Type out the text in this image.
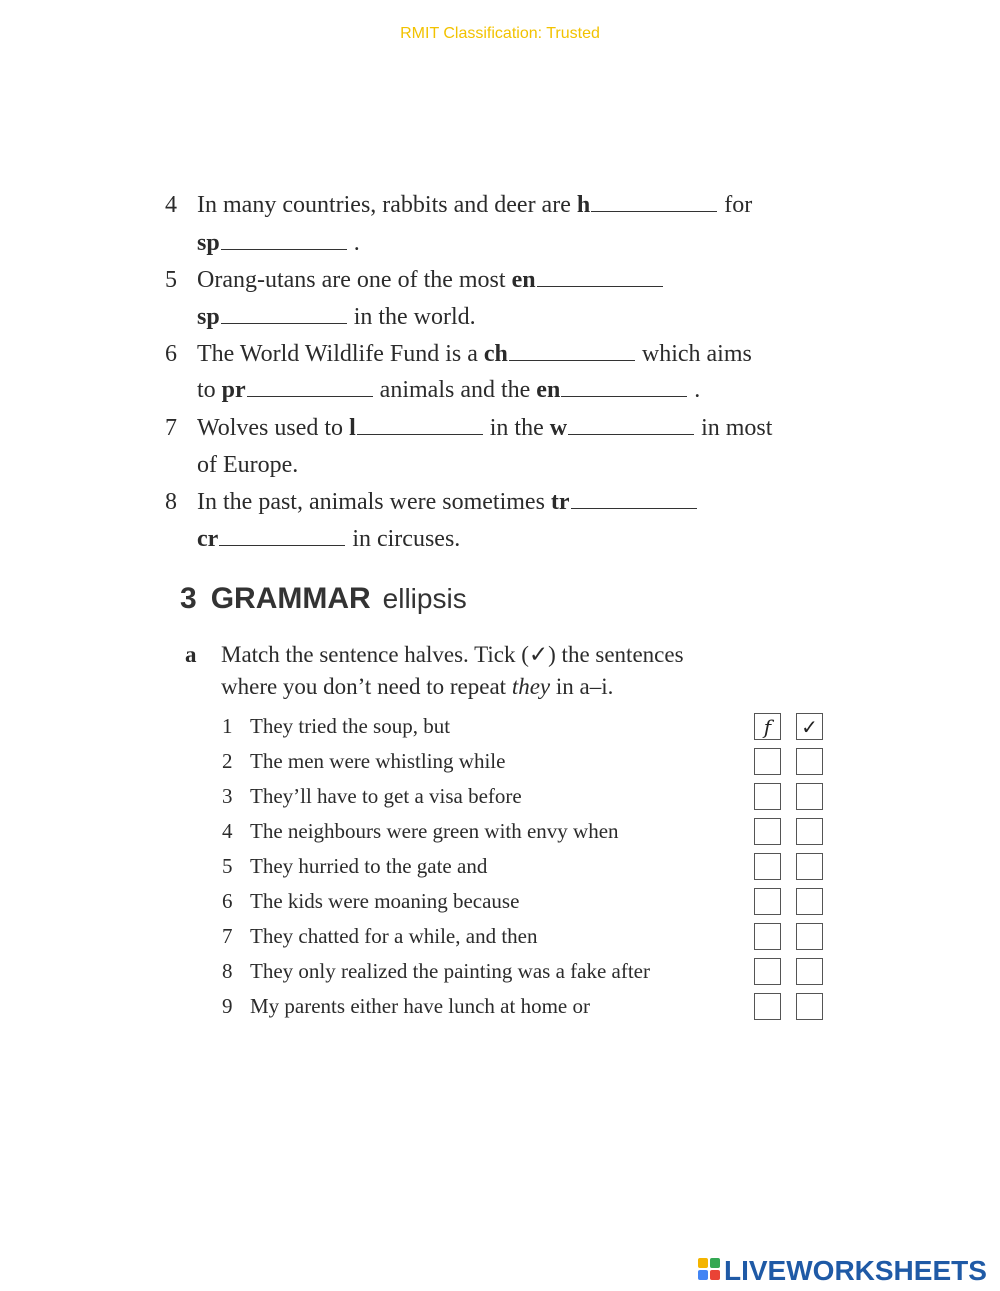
RMIT Classification: Trusted
4 In many countries, rabbits and deer are h	for
sp	.
5 Orang-utans are one of the most en
sp	in the world.
6 The World Wildlife Fund is a ch	which aims
to pr	animals and the en	.
7 Wolves used to l	in the w	in most
of Europe.
8 In the past, animals were sometimes tr
cr	in circuses.
3 GRAMMAR ellipsis
a Match the sentence halves. Tick (✓) the sentences
where you don’t need to repeat they in a–i.
1 They tried the soup, but	f	✓
2 The men were whistling while
3 They’ll have to get a visa before
4 The neighbours were green with envy when
5 They hurried to the gate and
6 The kids were moaning because
7 They chatted for a while, and then
8 They only realized the painting was a fake after
9 My parents either have lunch at home or
LIVEWORKSHEETS
